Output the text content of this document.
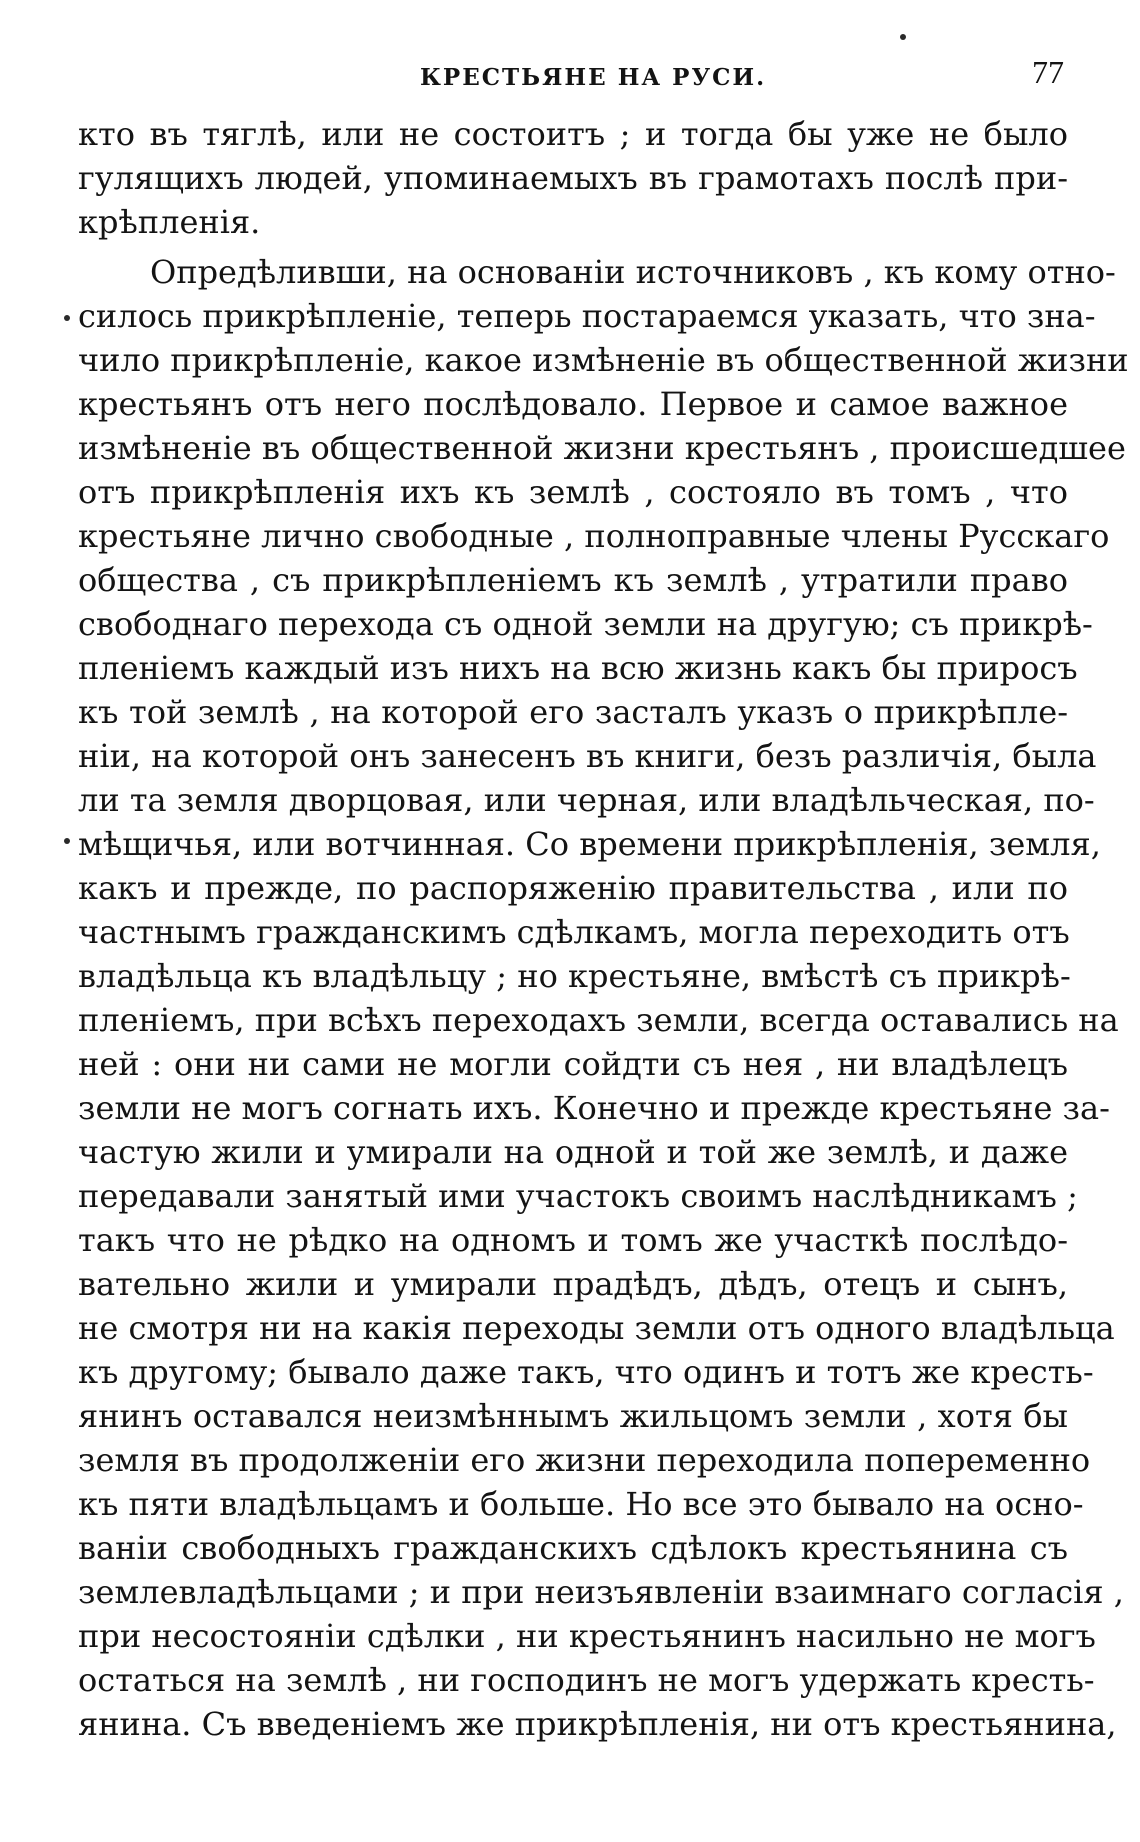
КРЕСТЬЯНЕ НА РУСИ.	77
кто въ тяглѣ, или не состоитъ ; и тогда бы уже не было
гулящихъ людей, упоминаемыхъ въ грамотахъ послѣ при-
крѣпленія.
Опредѣливши, на основаніи источниковъ , къ кому отно-
силось прикрѣпленіе, теперь постараемся указать, что зна-
чило прикрѣпленіе, какое измѣненіе въ общественной жизни
крестьянъ отъ него послѣдовало. Первое и самое важное
измѣненіе въ общественной жизни крестьянъ , происшедшее
отъ прикрѣпленія ихъ къ землѣ , состояло въ томъ , что
крестьяне лично свободные , полноправные члены Русскаго
общества , съ прикрѣпленіемъ къ землѣ , утратили право
свободнаго перехода съ одной земли на другую; съ прикрѣ-
пленіемъ каждый изъ нихъ на всю жизнь какъ бы приросъ
къ той землѣ , на которой его засталъ указъ о прикрѣпле-
ніи, на которой онъ занесенъ въ книги, безъ различія, была
ли та земля дворцовая, или черная, или владѣльческая, по-
мѣщичья, или вотчинная. Со времени прикрѣпленія, земля,
какъ и прежде, по распоряженію правительства , или по
частнымъ гражданскимъ сдѣлкамъ, могла переходить отъ
владѣльца къ владѣльцу ; но крестьяне, вмѣстѣ съ прикрѣ-
пленіемъ, при всѣхъ переходахъ земли, всегда оставались на
ней : они ни сами не могли сойдти съ нея , ни владѣлецъ
земли не могъ согнать ихъ. Конечно и прежде крестьяне за-
частую жили и умирали на одной и той же землѣ, и даже
передавали занятый ими участокъ своимъ наслѣдникамъ ;
такъ что не рѣдко на одномъ и томъ же участкѣ послѣдо-
вательно жили и умирали прадѣдъ, дѣдъ, отецъ и сынъ,
не смотря ни на какія переходы земли отъ одного владѣльца
къ другому; бывало даже такъ, что одинъ и тотъ же кресть-
янинъ оставался неизмѣннымъ жильцомъ земли , хотя бы
земля въ продолженіи его жизни переходила попеременно
къ пяти владѣльцамъ и больше. Но все это бывало на осно-
ваніи свободныхъ гражданскихъ сдѣлокъ крестьянина съ
землевладѣльцами ; и при неизъявленіи взаимнаго согласія ,
при несостояніи сдѣлки , ни крестьянинъ насильно не могъ
остаться на землѣ , ни господинъ не могъ удержать кресть-
янина. Съ введеніемъ же прикрѣпленія, ни отъ крестьянина,
